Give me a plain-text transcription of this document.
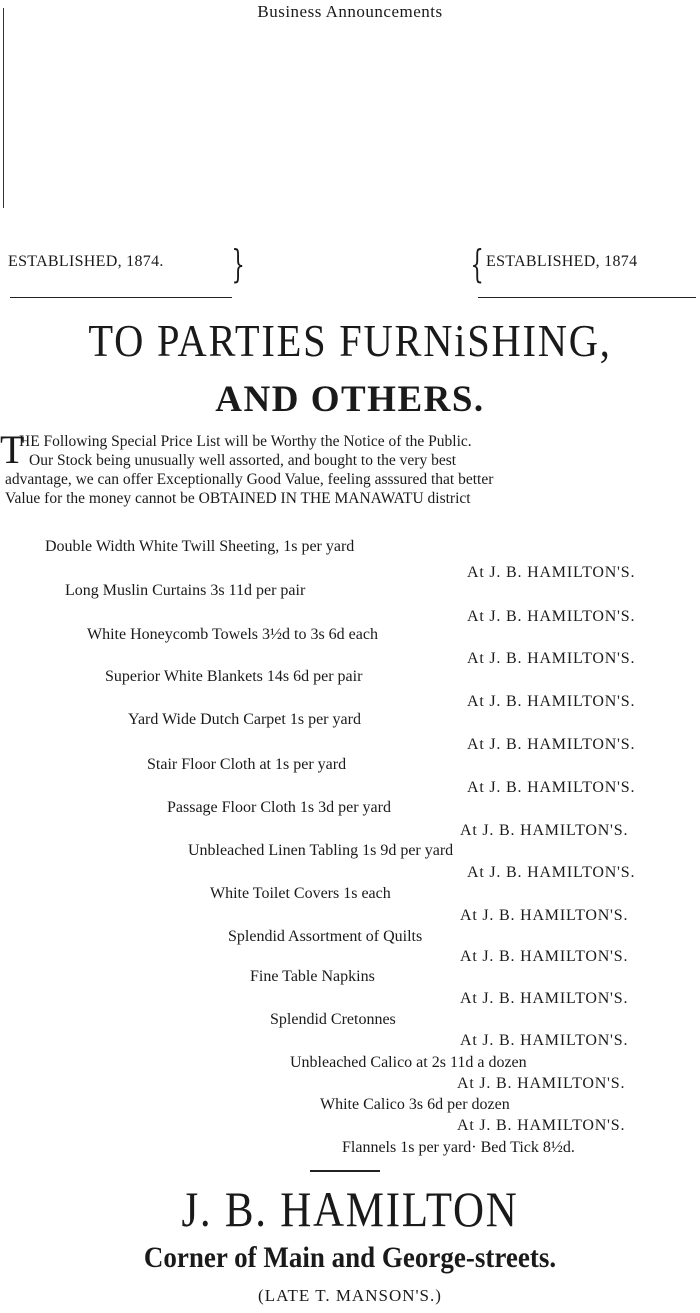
Business Announcements
ESTABLISHED, 1874. }	{ ESTABLISHED, 1874
TO PARTIES FURNiSHING,
AND OTHERS.
T
HE Following Special Price List will be Worthy the Notice of the Public.
Our Stock being unusually well assorted, and bought to the very best
advantage, we can offer Exceptionally Good Value, feeling asssured that better
Value for the money cannot be OBTAINED IN THE MANAWATU district
Double Width White Twill Sheeting, 1s per yard
At J. B. HAMILTON'S.
Long Muslin Curtains 3s 11d per pair
At J. B. HAMILTON'S.
White Honeycomb Towels 3½d to 3s 6d each
At J. B. HAMILTON'S.
Superior White Blankets 14s 6d per pair
At J. B. HAMILTON'S.
Yard Wide Dutch Carpet 1s per yard
At J. B. HAMILTON'S.
Stair Floor Cloth at 1s per yard
At J. B. HAMILTON'S.
Passage Floor Cloth 1s 3d per yard
At J. B. HAMILTON'S.
Unbleached Linen Tabling 1s 9d per yard
At J. B. HAMILTON'S.
White Toilet Covers 1s each
At J. B. HAMILTON'S.
Splendid Assortment of Quilts
At J. B. HAMILTON'S.
Fine Table Napkins
At J. B. HAMILTON'S.
Splendid Cretonnes
At J. B. HAMILTON'S.
Unbleached Calico at 2s 11d a dozen
At J. B. HAMILTON'S.
White Calico 3s 6d per dozen
At J. B. HAMILTON'S.
Flannels 1s per yard· Bed Tick 8½d.
J. B. HAMILTON
Corner of Main and George-streets.
(LATE T. MANSON'S.)
